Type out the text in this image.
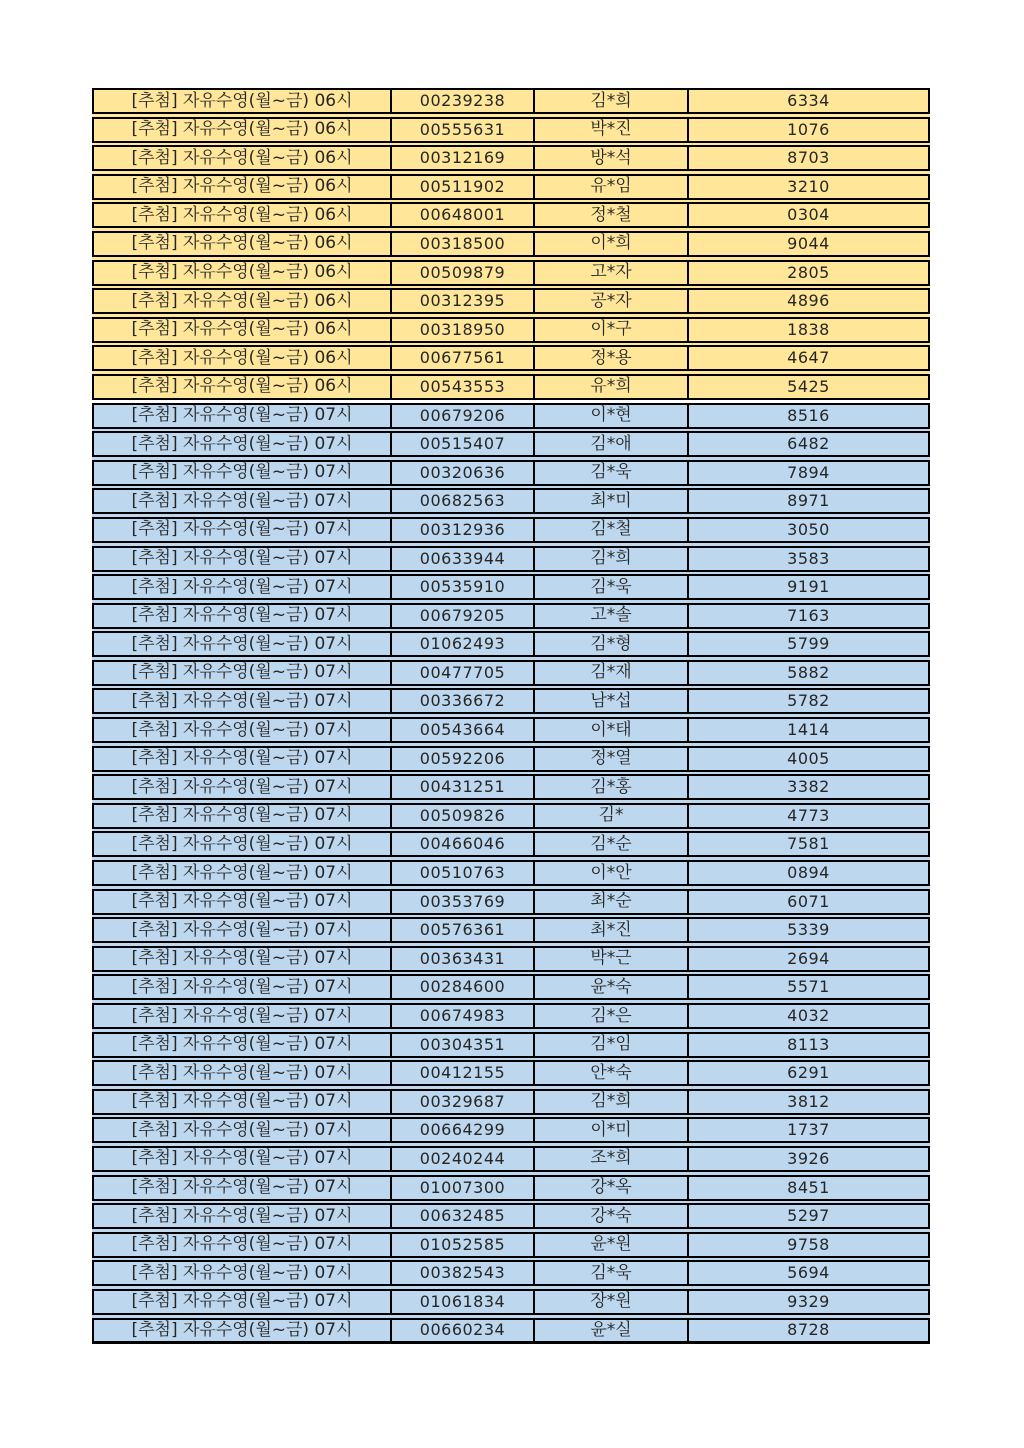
[추첨] 자유수영(월~금) 06시	00239238	김*희	6334
[추첨] 자유수영(월~금) 06시	00555631	박*진	1076
[추첨] 자유수영(월~금) 06시	00312169	방*석	8703
[추첨] 자유수영(월~금) 06시	00511902	유*임	3210
[추첨] 자유수영(월~금) 06시	00648001	정*철	0304
[추첨] 자유수영(월~금) 06시	00318500	이*희	9044
[추첨] 자유수영(월~금) 06시	00509879	고*자	2805
[추첨] 자유수영(월~금) 06시	00312395	공*자	4896
[추첨] 자유수영(월~금) 06시	00318950	이*구	1838
[추첨] 자유수영(월~금) 06시	00677561	정*용	4647
[추첨] 자유수영(월~금) 06시	00543553	유*희	5425
[추첨] 자유수영(월~금) 07시	00679206	이*현	8516
[추첨] 자유수영(월~금) 07시	00515407	김*애	6482
[추첨] 자유수영(월~금) 07시	00320636	김*욱	7894
[추첨] 자유수영(월~금) 07시	00682563	최*미	8971
[추첨] 자유수영(월~금) 07시	00312936	김*철	3050
[추첨] 자유수영(월~금) 07시	00633944	김*희	3583
[추첨] 자유수영(월~금) 07시	00535910	김*욱	9191
[추첨] 자유수영(월~금) 07시	00679205	고*솔	7163
[추첨] 자유수영(월~금) 07시	01062493	김*형	5799
[추첨] 자유수영(월~금) 07시	00477705	김*재	5882
[추첨] 자유수영(월~금) 07시	00336672	남*섭	5782
[추첨] 자유수영(월~금) 07시	00543664	이*태	1414
[추첨] 자유수영(월~금) 07시	00592206	정*열	4005
[추첨] 자유수영(월~금) 07시	00431251	김*홍	3382
[추첨] 자유수영(월~금) 07시	00509826	김*	4773
[추첨] 자유수영(월~금) 07시	00466046	김*순	7581
[추첨] 자유수영(월~금) 07시	00510763	이*안	0894
[추첨] 자유수영(월~금) 07시	00353769	최*순	6071
[추첨] 자유수영(월~금) 07시	00576361	최*진	5339
[추첨] 자유수영(월~금) 07시	00363431	박*근	2694
[추첨] 자유수영(월~금) 07시	00284600	윤*숙	5571
[추첨] 자유수영(월~금) 07시	00674983	김*은	4032
[추첨] 자유수영(월~금) 07시	00304351	김*임	8113
[추첨] 자유수영(월~금) 07시	00412155	안*숙	6291
[추첨] 자유수영(월~금) 07시	00329687	김*희	3812
[추첨] 자유수영(월~금) 07시	00664299	이*미	1737
[추첨] 자유수영(월~금) 07시	00240244	조*희	3926
[추첨] 자유수영(월~금) 07시	01007300	강*옥	8451
[추첨] 자유수영(월~금) 07시	00632485	강*숙	5297
[추첨] 자유수영(월~금) 07시	01052585	윤*원	9758
[추첨] 자유수영(월~금) 07시	00382543	김*욱	5694
[추첨] 자유수영(월~금) 07시	01061834	장*원	9329
[추첨] 자유수영(월~금) 07시	00660234	윤*실	8728
